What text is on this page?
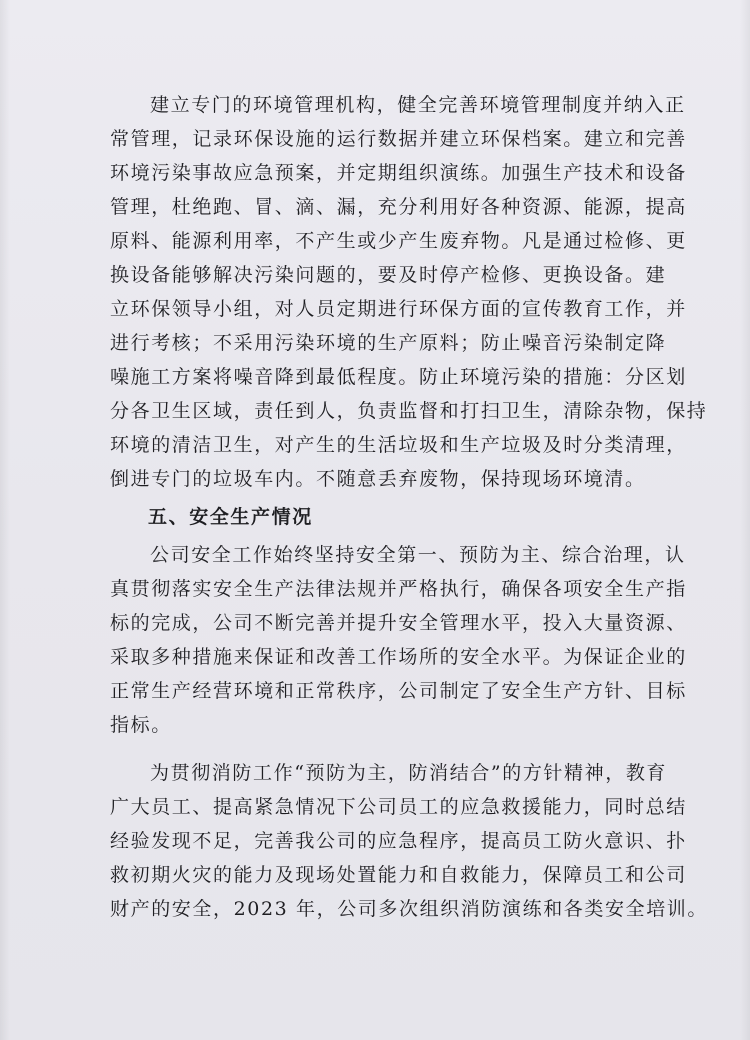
建立专门的环境管理机构，健全完善环境管理制度并纳入正
常管理，记录环保设施的运行数据并建立环保档案。建立和完善
环境污染事故应急预案，并定期组织演练。加强生产技术和设备
管理，杜绝跑、冒、滴、漏，充分利用好各种资源、能源，提高
原料、能源利用率，不产生或少产生废弃物。凡是通过检修、更
换设备能够解决污染问题的，要及时停产检修、更换设备。建
立环保领导小组，对人员定期进行环保方面的宣传教育工作，并
进行考核；不采用污染环境的生产原料；防止噪音污染制定降
噪施工方案将噪音降到最低程度。防止环境污染的措施：分区划
分各卫生区域，责任到人，负责监督和打扫卫生，清除杂物，保持
环境的清洁卫生，对产生的生活垃圾和生产垃圾及时分类清理，
倒进专门的垃圾车内。不随意丢弃废物，保持现场环境清。
五、安全生产情况
公司安全工作始终坚持安全第一、预防为主、综合治理，认
真贯彻落实安全生产法律法规并严格执行，确保各项安全生产指
标的完成，公司不断完善并提升安全管理水平，投入大量资源、
采取多种措施来保证和改善工作场所的安全水平。为保证企业的
正常生产经营环境和正常秩序，公司制定了安全生产方针、目标
指标。
为贯彻消防工作“预防为主，防消结合”的方针精神，教育
广大员工、提高紧急情况下公司员工的应急救援能力，同时总结
经验发现不足，完善我公司的应急程序，提高员工防火意识、扑
救初期火灾的能力及现场处置能力和自救能力，保障员工和公司
财产的安全，2023 年，公司多次组织消防演练和各类安全培训。
